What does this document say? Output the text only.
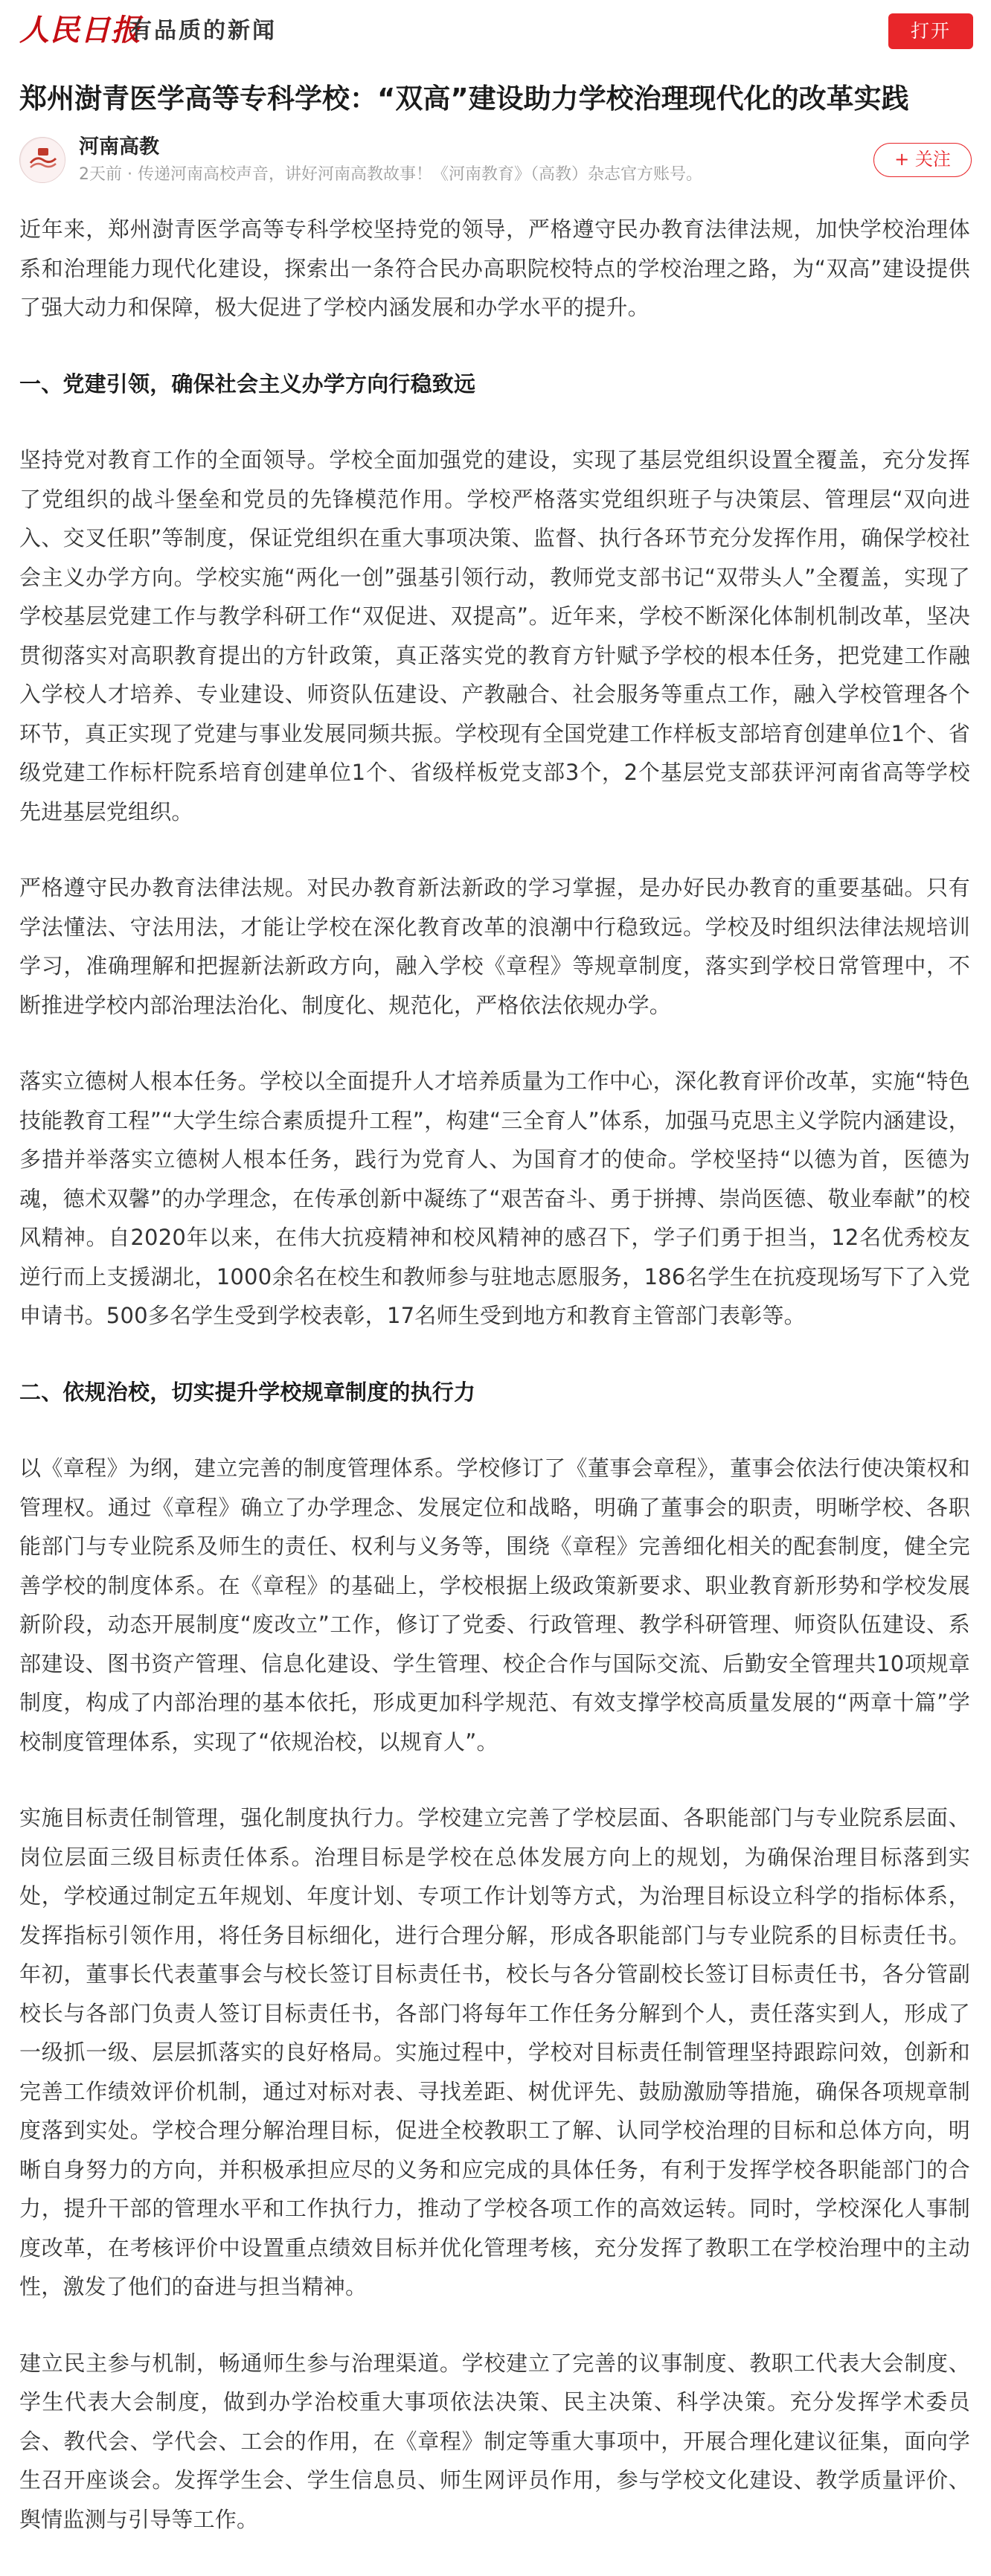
人民日报
有品质的新闻	打开
郑州澍青医学高等专科学校：“双高”建设助力学校治理现代化的改革实践
河南高教
2天前 · 传递河南高校声音，讲好河南高教故事！《河南教育》（高教）杂志官方账号。
+ 关注

近年来，郑州澍青医学高等专科学校坚持党的领导，严格遵守民办教育法律法规，加快学校治理体系和治理能力现代化建设，探索出一条符合民办高职院校特点的学校治理之路，为“双高”建设提供了强大动力和保障，极大促进了学校内涵发展和办学水平的提升。

一、党建引领，确保社会主义办学方向行稳致远

坚持党对教育工作的全面领导。学校全面加强党的建设，实现了基层党组织设置全覆盖，充分发挥了党组织的战斗堡垒和党员的先锋模范作用。学校严格落实党组织班子与决策层、管理层“双向进入、交叉任职”等制度，保证党组织在重大事项决策、监督、执行各环节充分发挥作用，确保学校社会主义办学方向。学校实施“两化一创”强基引领行动，教师党支部书记“双带头人”全覆盖，实现了学校基层党建工作与教学科研工作“双促进、双提高”。近年来，学校不断深化体制机制改革，坚决贯彻落实对高职教育提出的方针政策，真正落实党的教育方针赋予学校的根本任务，把党建工作融入学校人才培养、专业建设、师资队伍建设、产教融合、社会服务等重点工作，融入学校管理各个环节，真正实现了党建与事业发展同频共振。学校现有全国党建工作样板支部培育创建单位1个、省级党建工作标杆院系培育创建单位1个、省级样板党支部3个，2个基层党支部获评河南省高等学校先进基层党组织。

严格遵守民办教育法律法规。对民办教育新法新政的学习掌握，是办好民办教育的重要基础。只有学法懂法、守法用法，才能让学校在深化教育改革的浪潮中行稳致远。学校及时组织法律法规培训学习，准确理解和把握新法新政方向，融入学校《章程》等规章制度，落实到学校日常管理中，不断推进学校内部治理法治化、制度化、规范化，严格依法依规办学。

落实立德树人根本任务。学校以全面提升人才培养质量为工作中心，深化教育评价改革，实施“特色技能教育工程”“大学生综合素质提升工程”，构建“三全育人”体系，加强马克思主义学院内涵建设，多措并举落实立德树人根本任务，践行为党育人、为国育才的使命。学校坚持“以德为首，医德为魂，德术双馨”的办学理念，在传承创新中凝练了“艰苦奋斗、勇于拼搏、崇尚医德、敬业奉献”的校风精神。自2020年以来，在伟大抗疫精神和校风精神的感召下，学子们勇于担当，12名优秀校友逆行而上支援湖北，1000余名在校生和教师参与驻地志愿服务，186名学生在抗疫现场写下了入党申请书。500多名学生受到学校表彰，17名师生受到地方和教育主管部门表彰等。

二、依规治校，切实提升学校规章制度的执行力

以《章程》为纲，建立完善的制度管理体系。学校修订了《董事会章程》，董事会依法行使决策权和管理权。通过《章程》确立了办学理念、发展定位和战略，明确了董事会的职责，明晰学校、各职能部门与专业院系及师生的责任、权利与义务等，围绕《章程》完善细化相关的配套制度，健全完善学校的制度体系。在《章程》的基础上，学校根据上级政策新要求、职业教育新形势和学校发展新阶段，动态开展制度“废改立”工作，修订了党委、行政管理、教学科研管理、师资队伍建设、系部建设、图书资产管理、信息化建设、学生管理、校企合作与国际交流、后勤安全管理共10项规章制度，构成了内部治理的基本依托，形成更加科学规范、有效支撑学校高质量发展的“两章十篇”学校制度管理体系，实现了“依规治校，以规育人”。

实施目标责任制管理，强化制度执行力。学校建立完善了学校层面、各职能部门与专业院系层面、岗位层面三级目标责任体系。治理目标是学校在总体发展方向上的规划，为确保治理目标落到实处，学校通过制定五年规划、年度计划、专项工作计划等方式，为治理目标设立科学的指标体系，发挥指标引领作用，将任务目标细化，进行合理分解，形成各职能部门与专业院系的目标责任书。年初，董事长代表董事会与校长签订目标责任书，校长与各分管副校长签订目标责任书，各分管副校长与各部门负责人签订目标责任书，各部门将每年工作任务分解到个人，责任落实到人，形成了一级抓一级、层层抓落实的良好格局。实施过程中，学校对目标责任制管理坚持跟踪问效，创新和完善工作绩效评价机制，通过对标对表、寻找差距、树优评先、鼓励激励等措施，确保各项规章制度落到实处。学校合理分解治理目标，促进全校教职工了解、认同学校治理的目标和总体方向，明晰自身努力的方向，并积极承担应尽的义务和应完成的具体任务，有利于发挥学校各职能部门的合力，提升干部的管理水平和工作执行力，推动了学校各项工作的高效运转。同时，学校深化人事制度改革，在考核评价中设置重点绩效目标并优化管理考核，充分发挥了教职工在学校治理中的主动性，激发了他们的奋进与担当精神。

建立民主参与机制，畅通师生参与治理渠道。学校建立了完善的议事制度、教职工代表大会制度、学生代表大会制度，做到办学治校重大事项依法决策、民主决策、科学决策。充分发挥学术委员会、教代会、学代会、工会的作用，在《章程》制定等重大事项中，开展合理化建议征集，面向学生召开座谈会。发挥学生会、学生信息员、师生网评员作用，参与学校文化建设、教学质量评价、舆情监测与引导等工作。
